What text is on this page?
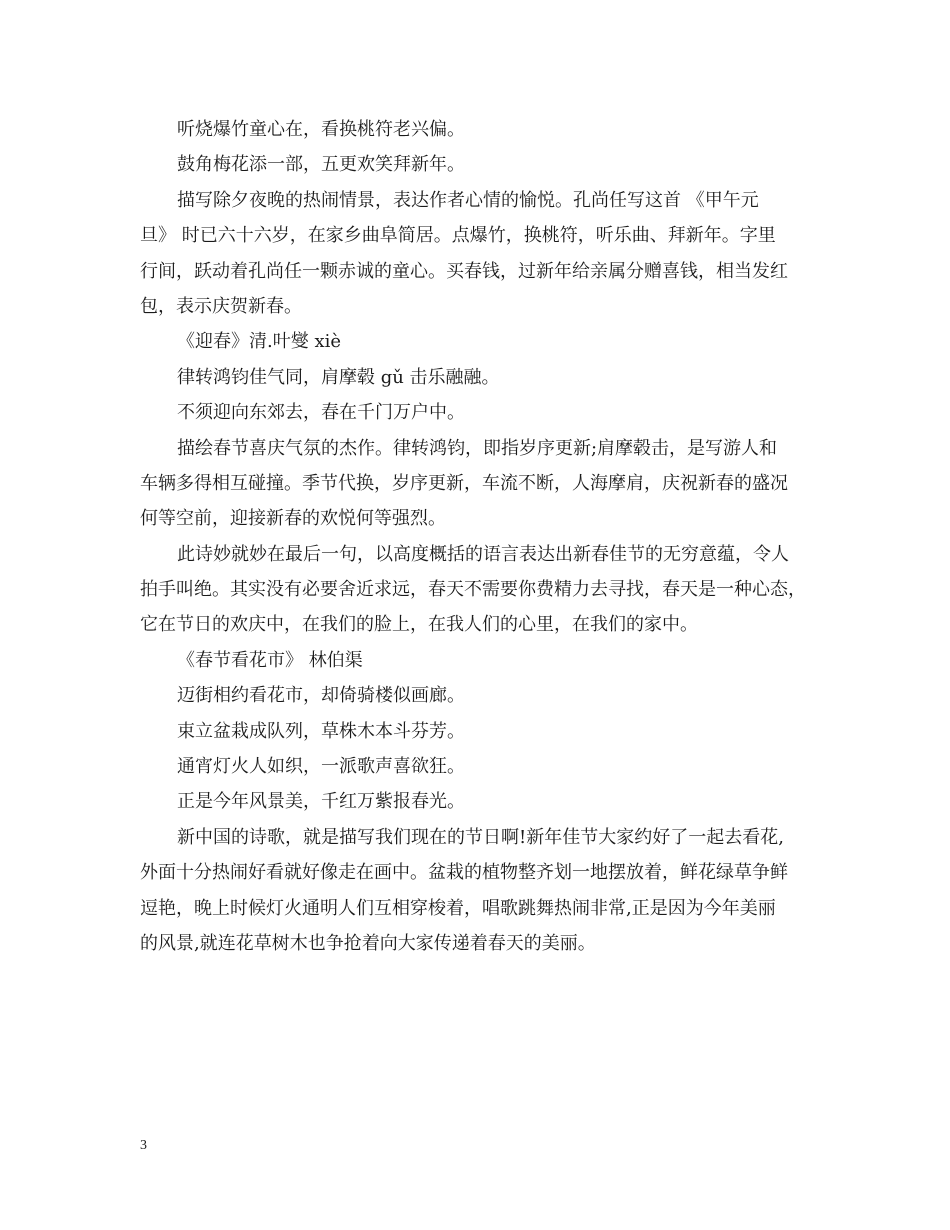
听烧爆竹童心在，看换桃符老兴偏。
鼓角梅花添一部，五更欢笑拜新年。
描写除夕夜晚的热闹情景，表达作者心情的愉悦。孔尚任写这首 《甲午元
旦》 时已六十六岁，在家乡曲阜简居。点爆竹，换桃符，听乐曲、拜新年。字里
行间，跃动着孔尚任一颗赤诚的童心。买春钱，过新年给亲属分赠喜钱，相当发红
包，表示庆贺新春。
《迎春》清.叶燮 xiè
律转鸿钧佳气同，肩摩毂 gǔ 击乐融融。
不须迎向东郊去，春在千门万户中。
描绘春节喜庆气氛的杰作。律转鸿钧，即指岁序更新;肩摩毂击，是写游人和
车辆多得相互碰撞。季节代换，岁序更新，车流不断，人海摩肩，庆祝新春的盛况
何等空前，迎接新春的欢悦何等强烈。
此诗妙就妙在最后一句，以高度概括的语言表达出新春佳节的无穷意蕴，令人
拍手叫绝。其实没有必要舍近求远，春天不需要你费精力去寻找，春天是一种心态，
它在节日的欢庆中，在我们的脸上，在我人们的心里，在我们的家中。
《春节看花市》 林伯渠
迈街相约看花市，却倚骑楼似画廊。
束立盆栽成队列，草株木本斗芬芳。
通宵灯火人如织，一派歌声喜欲狂。
正是今年风景美，千红万紫报春光。
新中国的诗歌，就是描写我们现在的节日啊!新年佳节大家约好了一起去看花,
外面十分热闹好看就好像走在画中。盆栽的植物整齐划一地摆放着，鲜花绿草争鲜
逗艳，晚上时候灯火通明人们互相穿梭着，唱歌跳舞热闹非常,正是因为今年美丽
的风景,就连花草树木也争抢着向大家传递着春天的美丽。
3
